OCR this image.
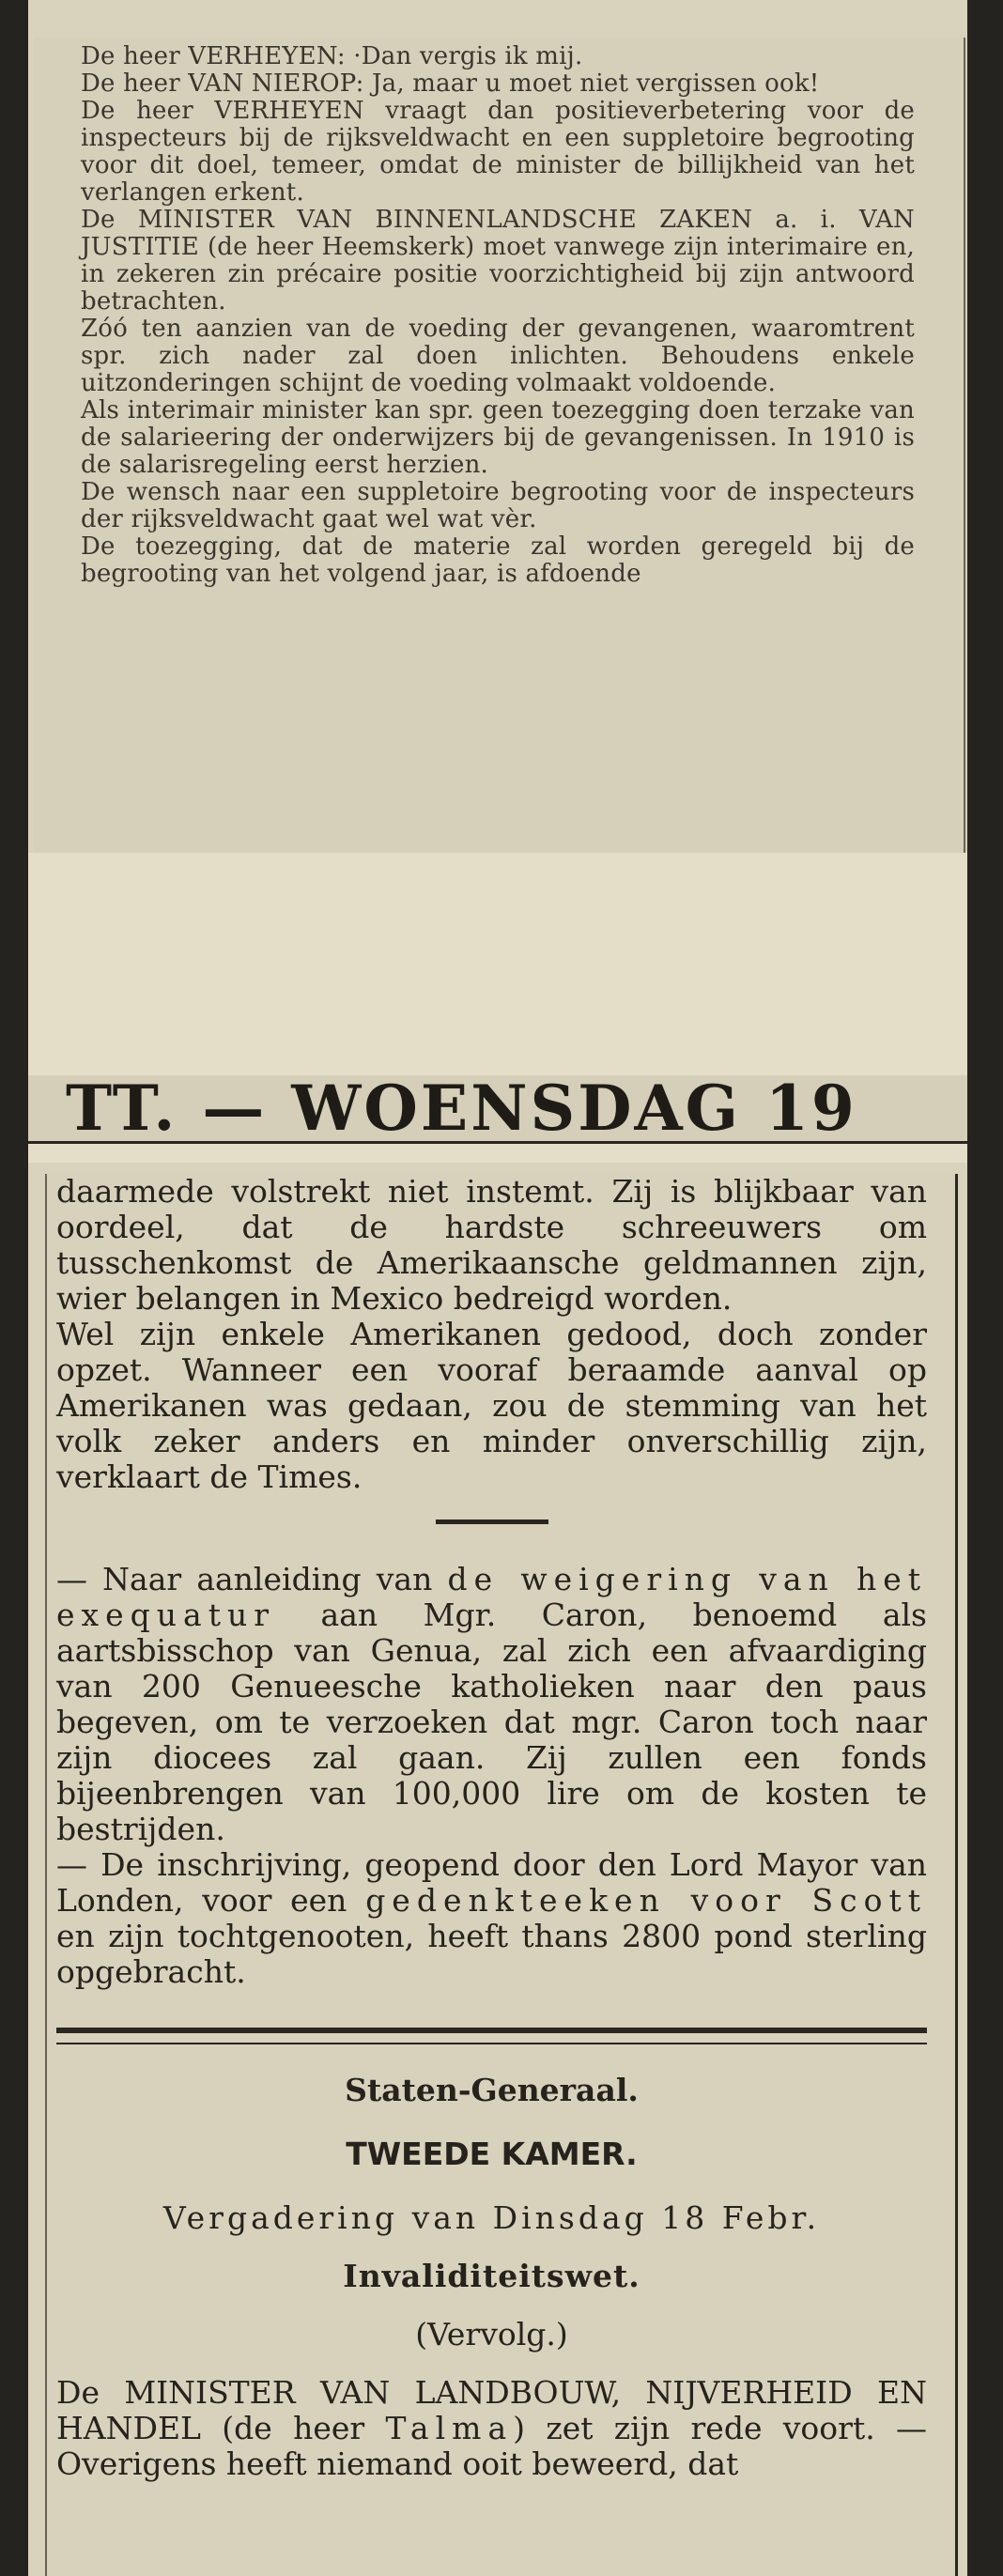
De heer VERHEYEN: ·Dan vergis ik mij.

De heer VAN NIEROP: Ja, maar u moet niet vergissen ook!

De heer VERHEYEN vraagt dan positieverbetering voor de inspecteurs bij de rijksveldwacht en een suppletoire begrooting voor dit doel, temeer, omdat de minister de billijkheid van het verlangen erkent.

De MINISTER VAN BINNENLANDSCHE ZAKEN a. i. VAN JUSTITIE (de heer Heemskerk) moet vanwege zijn interimaire en, in zekeren zin précaire positie voorzichtigheid bij zijn antwoord betrachten.

Zóó ten aanzien van de voeding der gevangenen, waaromtrent spr. zich nader zal doen inlichten. Behoudens enkele uitzonderingen schijnt de voeding volmaakt voldoende.

Als interimair minister kan spr. geen toezegging doen terzake van de salarieering der onderwijzers bij de gevangenissen. In 1910 is de salarisregeling eerst herzien.

De wensch naar een suppletoire begrooting voor de inspecteurs der rijksveldwacht gaat wel wat vèr.

De toezegging, dat de materie zal worden geregeld bij de begrooting van het volgend jaar, is afdoende

TT. — WOENSDAG 19

daarmede volstrekt niet instemt. Zij is blijkbaar van oordeel, dat de hardste schreeuwers om tusschenkomst de Amerikaansche geldmannen zijn, wier belangen in Mexico bedreigd worden.

Wel zijn enkele Amerikanen gedood, doch zonder opzet. Wanneer een vooraf beraamde aanval op Amerikanen was gedaan, zou de stemming van het volk zeker anders en minder onverschillig zijn, verklaart de Times.

— Naar aanleiding van de weigering van het exequatur aan Mgr. Caron, benoemd als aartsbisschop van Genua, zal zich een afvaardiging van 200 Genueesche katholieken naar den paus begeven, om te verzoeken dat mgr. Caron toch naar zijn diocees zal gaan. Zij zullen een fonds bijeenbrengen van 100,000 lire om de kosten te bestrijden.

— De inschrijving, geopend door den Lord Mayor van Londen, voor een gedenkteeken voor Scott en zijn tochtgenooten, heeft thans 2800 pond sterling opgebracht.

Staten-Generaal.

TWEEDE KAMER.

Vergadering van Dinsdag 18 Febr.

Invaliditeitswet.

(Vervolg.)

De MINISTER VAN LANDBOUW, NIJVERHEID EN HANDEL (de heer Talma) zet zijn rede voort. — Overigens heeft niemand ooit beweerd, dat
